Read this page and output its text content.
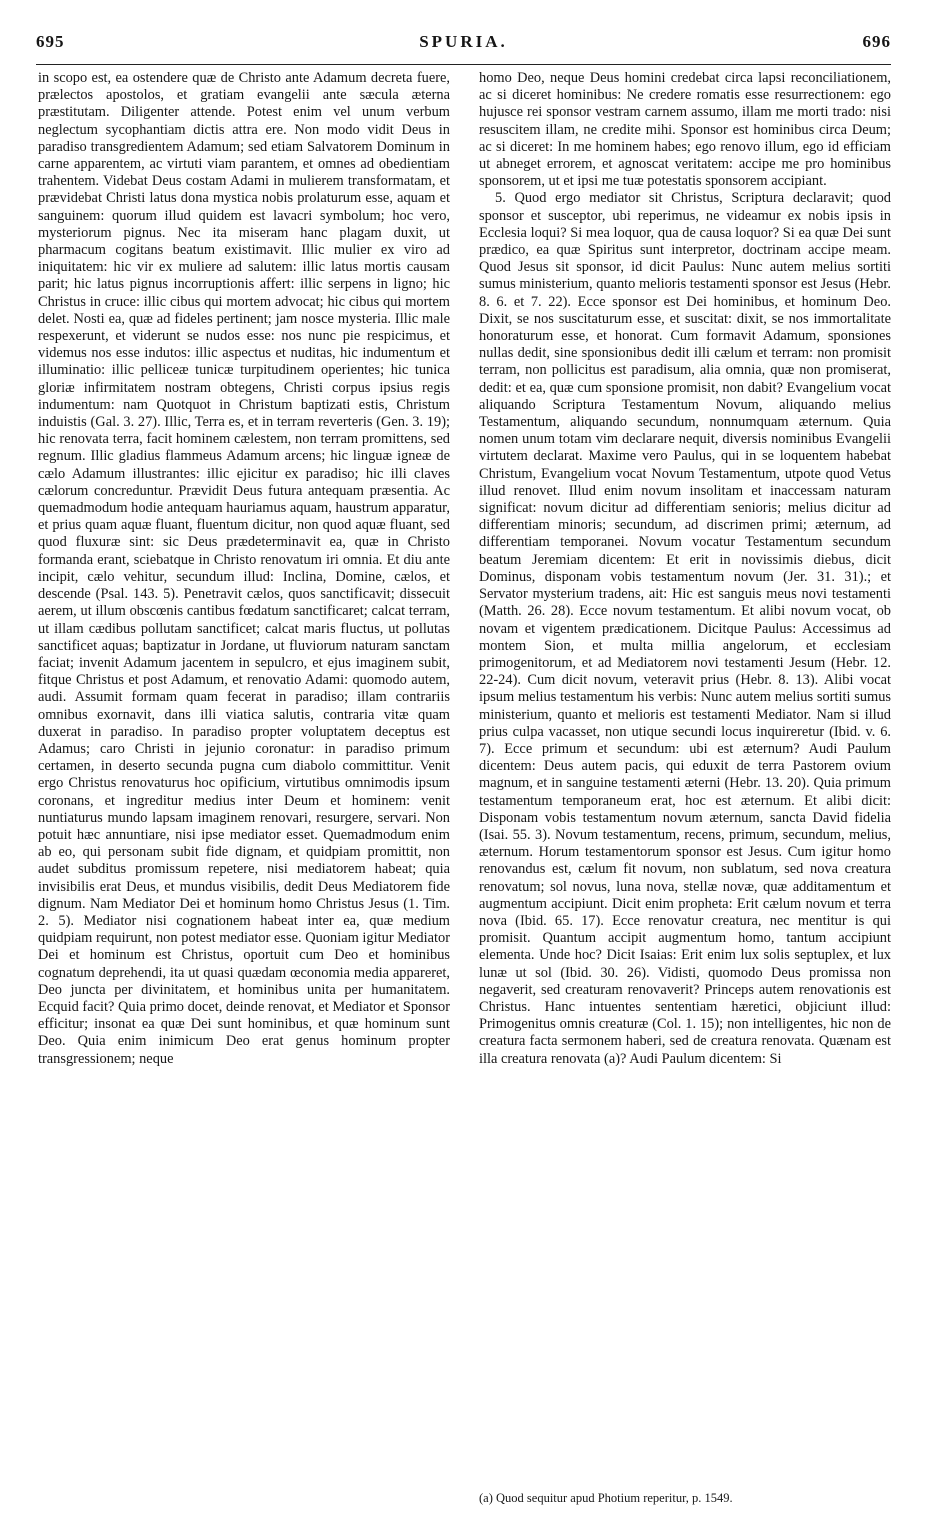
695	SPURIA.	696

in scopo est, ea ostendere quæ de Christo ante Adamum decreta fuere, prælectos apostolos, et gratiam evangelii ante sæcula æterna præstitutam. Diligenter attende. Potest enim vel unum verbum neglectum sycophantiam dictis attra ere. Non modo vidit Deus in paradiso transgredientem Adamum; sed etiam Salvatorem Dominum in carne apparentem, ac virtuti viam parantem, et omnes ad obedientiam trahentem. Videbat Deus costam Adami in mulierem transformatam, et prævidebat Christi latus dona mystica nobis prolaturum esse, aquam et sanguinem: quorum illud quidem est lavacri symbolum; hoc vero, mysteriorum pignus. Nec ita miseram hanc plagam duxit, ut pharmacum cogitans beatum existimavit. Illic mulier ex viro ad iniquitatem: hic vir ex muliere ad salutem: illic latus mortis causam parit; hic latus pignus incorruptionis affert: illic serpens in ligno; hic Christus in cruce: illic cibus qui mortem advocat; hic cibus qui mortem delet. Nosti ea, quæ ad fideles pertinent; jam nosce mysteria. Illic male respexerunt, et viderunt se nudos esse: nos nunc pie respicimus, et videmus nos esse indutos: illic aspectus et nuditas, hic indumentum et illuminatio: illic pelliceæ tunicæ turpitudinem operientes; hic tunica gloriæ infirmitatem nostram obtegens, Christi corpus ipsius regis indumentum: nam Quotquot in Christum baptizati estis, Christum induistis (Gal. 3. 27). Illic, Terra es, et in terram reverteris (Gen. 3. 19); hic renovata terra, facit hominem cælestem, non terram promittens, sed regnum. Illic gladius flammeus Adamum arcens; hic linguæ igneæ de cælo Adamum illustrantes: illic ejicitur ex paradiso; hic illi claves cælorum concreduntur. Prævidit Deus futura antequam præsentia. Ac quemadmodum hodie antequam hauriamus aquam, haustrum apparatur, et prius quam aquæ fluant, fluentum dicitur, non quod aquæ fluant, sed quod fluxuræ sint: sic Deus prædeterminavit ea, quæ in Christo formanda erant, sciebatque in Christo renovatum iri omnia. Et diu ante incipit, cælo vehitur, secundum illud: Inclina, Domine, cælos, et descende (Psal. 143. 5). Penetravit cælos, quos sanctificavit; dissecuit aerem, ut illum obscœnis cantibus fœdatum sanctificaret; calcat terram, ut illam cædibus pollutam sanctificet; calcat maris fluctus, ut pollutas sanctificet aquas; baptizatur in Jordane, ut fluviorum naturam sanctam faciat; invenit Adamum jacentem in sepulcro, et ejus imaginem subit, fitque Christus et post Adamum, et renovatio Adami: quomodo autem, audi. Assumit formam quam fecerat in paradiso; illam contrariis omnibus exornavit, dans illi viatica salutis, contraria vitæ quam duxerat in paradiso. In paradiso propter voluptatem deceptus est Adamus; caro Christi in jejunio coronatur: in paradiso primum certamen, in deserto secunda pugna cum diabolo committitur. Venit ergo Christus renovaturus hoc opificium, virtutibus omnimodis ipsum coronans, et ingreditur medius inter Deum et hominem: venit nuntiaturus mundo lapsam imaginem renovari, resurgere, servari. Non potuit hæc annuntiare, nisi ipse mediator esset. Quemadmodum enim ab eo, qui personam subit fide dignam, et quidpiam promittit, non audet subditus promissum repetere, nisi mediatorem habeat; quia invisibilis erat Deus, et mundus visibilis, dedit Deus Mediatorem fide dignum. Nam Mediator Dei et hominum homo Christus Jesus (1. Tim. 2. 5). Mediator nisi cognationem habeat inter ea, quæ medium quidpiam requirunt, non potest mediator esse. Quoniam igitur Mediator Dei et hominum est Christus, oportuit cum Deo et hominibus cognatum deprehendi, ita ut quasi quædam œconomia media appareret, Deo juncta per divinitatem, et hominibus unita per humanitatem. Ecquid facit? Quia primo docet, deinde renovat, et Mediator et Sponsor efficitur; insonat ea quæ Dei sunt hominibus, et quæ hominum sunt Deo. Quia enim inimicum Deo erat genus hominum propter transgressionem; neque

homo Deo, neque Deus homini credebat circa lapsi reconciliationem, ac si diceret hominibus: Ne credere romatis esse resurrectionem: ego hujusce rei sponsor vestram carnem assumo, illam me morti trado: nisi resuscitem illam, ne credite mihi. Sponsor est hominibus circa Deum; ac si diceret: In me hominem habes; ego renovo illum, ego id efficiam ut abneget errorem, et agnoscat veritatem: accipe me pro hominibus sponsorem, ut et ipsi me tuæ potestatis sponsorem accipiant.

5. Quod ergo mediator sit Christus, Scriptura declaravit; quod sponsor et susceptor, ubi reperimus, ne videamur ex nobis ipsis in Ecclesia loqui? Si mea loquor, qua de causa loquor? Si ea quæ Dei sunt prædico, ea quæ Spiritus sunt interpretor, doctrinam accipe meam. Quod Jesus sit sponsor, id dicit Paulus: Nunc autem melius sortiti sumus ministerium, quanto melioris testamenti sponsor est Jesus (Hebr. 8. 6. et 7. 22). Ecce sponsor est Dei hominibus, et hominum Deo. Dixit, se nos suscitaturum esse, et suscitat: dixit, se nos immortalitate honoraturum esse, et honorat. Cum formavit Adamum, sponsiones nullas dedit, sine sponsionibus dedit illi cælum et terram: non promisit terram, non pollicitus est paradisum, alia omnia, quæ non promiserat, dedit: et ea, quæ cum sponsione promisit, non dabit? Evangelium vocat aliquando Scriptura Testamentum Novum, aliquando melius Testamentum, aliquando secundum, nonnumquam æternum. Quia nomen unum totam vim declarare nequit, diversis nominibus Evangelii virtutem declarat. Maxime vero Paulus, qui in se loquentem habebat Christum, Evangelium vocat Novum Testamentum, utpote quod Vetus illud renovet. Illud enim novum insolitam et inaccessam naturam significat: novum dicitur ad differentiam senioris; melius dicitur ad differentiam minoris; secundum, ad discrimen primi; æternum, ad differentiam temporanei. Novum vocatur Testamentum secundum beatum Jeremiam dicentem: Et erit in novissimis diebus, dicit Dominus, disponam vobis testamentum novum (Jer. 31. 31).; et Servator mysterium tradens, ait: Hic est sanguis meus novi testamenti (Matth. 26. 28). Ecce novum testamentum. Et alibi novum vocat, ob novam et vigentem prædicationem. Dicitque Paulus: Accessimus ad montem Sion, et multa millia angelorum, et ecclesiam primogenitorum, et ad Mediatorem novi testamenti Jesum (Hebr. 12. 22-24). Cum dicit novum, veteravit prius (Hebr. 8. 13). Alibi vocat ipsum melius testamentum his verbis: Nunc autem melius sortiti sumus ministerium, quanto et melioris est testamenti Mediator. Nam si illud prius culpa vacasset, non utique secundi locus inquireretur (Ibid. v. 6. 7). Ecce primum et secundum: ubi est æternum? Audi Paulum dicentem: Deus autem pacis, qui eduxit de terra Pastorem ovium magnum, et in sanguine testamenti æterni (Hebr. 13. 20). Quia primum testamentum temporaneum erat, hoc est æternum. Et alibi dicit: Disponam vobis testamentum novum æternum, sancta David fidelia (Isai. 55. 3). Novum testamentum, recens, primum, secundum, melius, æternum. Horum testamentorum sponsor est Jesus. Cum igitur homo renovandus est, cælum fit novum, non sublatum, sed nova creatura renovatum; sol novus, luna nova, stellæ novæ, quæ additamentum et augmentum accipiunt. Dicit enim propheta: Erit cælum novum et terra nova (Ibid. 65. 17). Ecce renovatur creatura, nec mentitur is qui promisit. Quantum accipit augmentum homo, tantum accipiunt elementa. Unde hoc? Dicit Isaias: Erit enim lux solis septuplex, et lux lunæ ut sol (Ibid. 30. 26). Vidisti, quomodo Deus promissa non negaverit, sed creaturam renovaverit? Princeps autem renovationis est Christus. Hanc intuentes sententiam hæretici, objiciunt illud: Primogenitus omnis creaturæ (Col. 1. 15); non intelligentes, hic non de creatura facta sermonem haberi, sed de creatura renovata. Quænam est illa creatura renovata (a)? Audi Paulum dicentem: Si

(a) Quod sequitur apud Photium reperitur, p. 1549.
